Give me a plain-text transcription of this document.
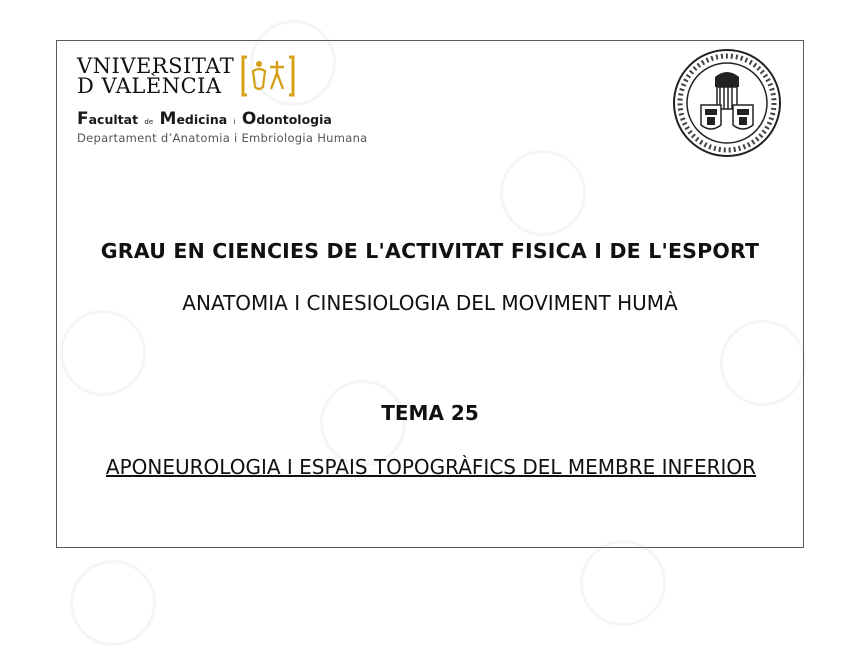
VNIVERSITAT
D VALÈNCIA
Facultat de Medicina i Odontologia
Departament d’Anatomia i Embriologia Humana
GRAU EN CIENCIES DE L'ACTIVITAT FISICA I DE L'ESPORT
ANATOMIA I CINESIOLOGIA DEL MOVIMENT HUMÀ
TEMA 25
APONEUROLOGIA I ESPAIS TOPOGRÀFICS DEL MEMBRE INFERIOR
